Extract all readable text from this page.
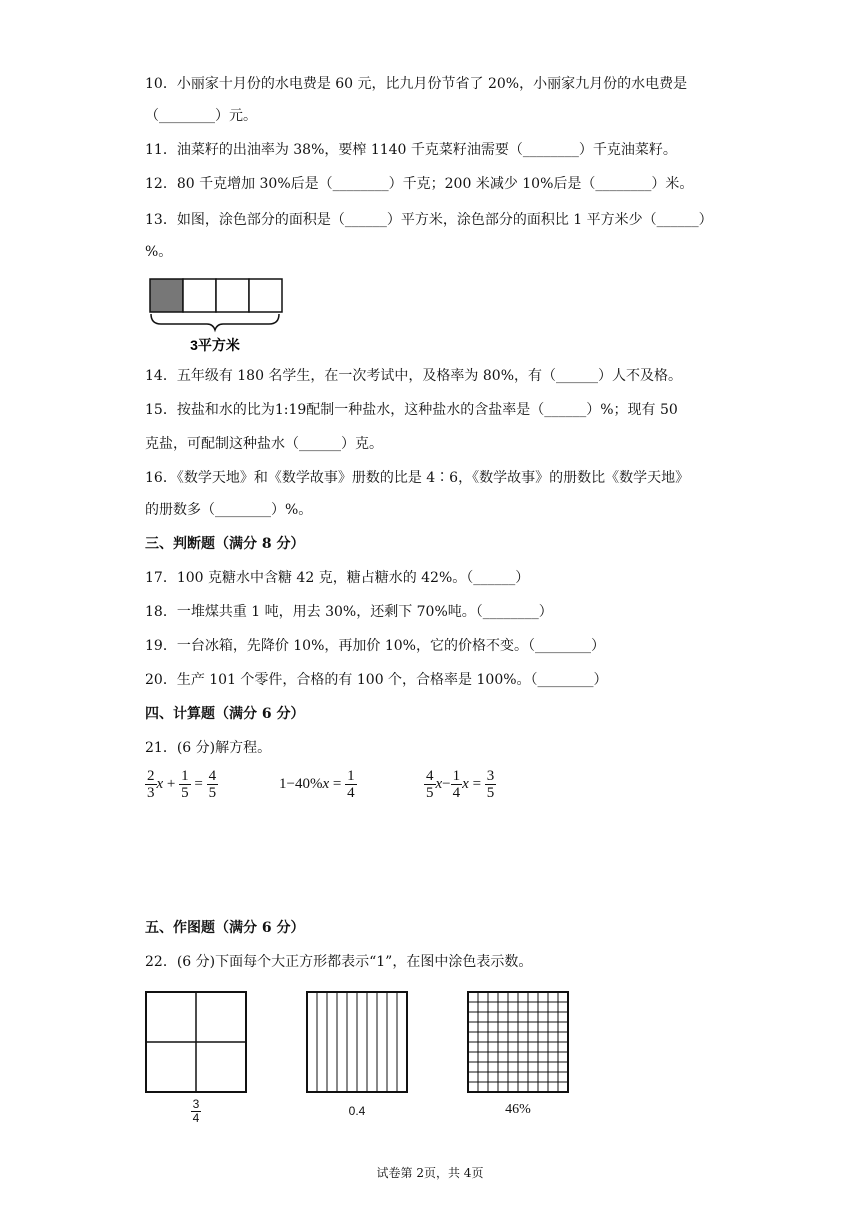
10．小丽家十月份的水电费是 60 元，比九月份节省了 20%，小丽家九月份的水电费是
（________）元。
11．油菜籽的出油率为 38%，要榨 1140 千克菜籽油需要（________）千克油菜籽。
12．80 千克增加 30%后是（________）千克；200 米减少 10%后是（________）米。
13．如图，涂色部分的面积是（______）平方米，涂色部分的面积比 1 平方米少（______）
%。
3平方米
14．五年级有 180 名学生，在一次考试中，及格率为 80%，有（______）人不及格。
15．按盐和水的比为1:19配制一种盐水，这种盐水的含盐率是（______）%；现有 50
克盐，可配制这种盐水（______）克。
16．《数学天地》和《数学故事》册数的比是 4∶6，《数学故事》的册数比《数学天地》
的册数多（________）%。
三、判断题（满分 8 分）
17．100 克糖水中含糖 42 克，糖占糖水的 42%。（______）
18．一堆煤共重 1 吨，用去 30%，还剩下 70%吨。（________）
19．一台冰箱，先降价 10%，再加价 10%，它的价格不变。（________）
20．生产 101 个零件，合格的有 100 个，合格率是 100%。（________）
四、计算题（满分 6 分）
21．(6 分)解方程。
$\frac{2}{3}$ $x + \frac{1}{5} = \frac{4}{5}$	$1-40\%x = \frac{1}{4}$	$\frac{4}{5} x- \frac{1}{4}$ $x = \frac{3}{5}$
五、作图题（满分 6 分）
22．(6 分)下面每个大正方形都表示“1”，在图中涂色表示数。
$\frac{3}{4}$	0.4	46%
试卷第 2页，共 4页
